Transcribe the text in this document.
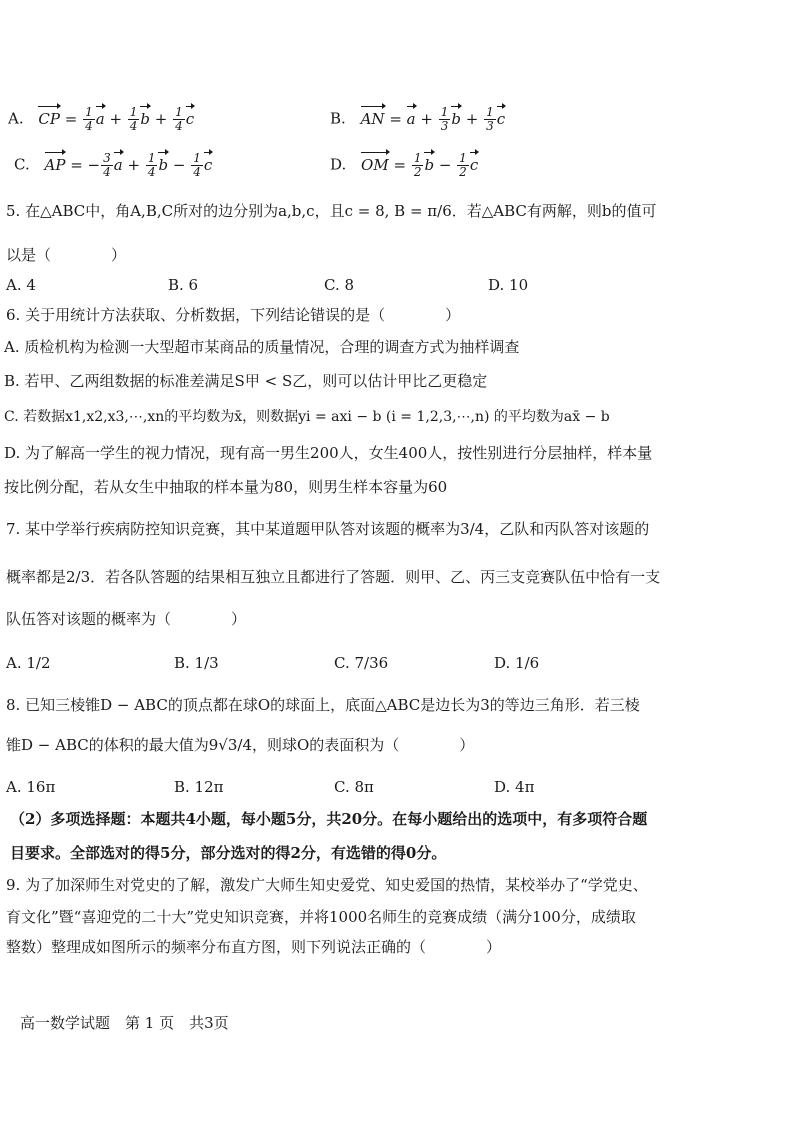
A. CP = $\frac{1}{4}$ $a + \frac{1}{4}$ $b + \frac{1}{4}$ c	B. AN = $a + \frac{1}{3}$ $b + \frac{1}{3}$ c
C. AP = − $\frac{3}{4}$ $a + \frac{1}{4}$ $b - \frac{1}{4}$ c	D. OM = $\frac{1}{2}$ $b - \frac{1}{2}$ c
5. 在△ABC中，角A,B,C所对的边分别为a,b,c，且c = 8, B = π/6．若△ABC有两解，则b的值可
以是（　　　　）
A. 4	B. 6	C. 8	D. 10
6. 关于用统计方法获取、分析数据，下列结论错误的是（　　　　）
A. 质检机构为检测一大型超市某商品的质量情况，合理的调查方式为抽样调查
B. 若甲、乙两组数据的标准差满足S甲 < S乙，则可以估计甲比乙更稳定
C. 若数据x1,x2,x3,⋯,xn的平均数为x̄，则数据yi = axi − b (i = 1,2,3,⋯,n) 的平均数为ax̄ − b
D. 为了解高一学生的视力情况，现有高一男生200人，女生400人，按性别进行分层抽样，样本量
按比例分配，若从女生中抽取的样本量为80，则男生样本容量为60
7. 某中学举行疾病防控知识竞赛，其中某道题甲队答对该题的概率为3/4，乙队和丙队答对该题的
概率都是2/3．若各队答题的结果相互独立且都进行了答题．则甲、乙、丙三支竞赛队伍中恰有一支
队伍答对该题的概率为（　　　　）
A. 1/2	B. 1/3	C. 7/36	D. 1/6
8. 已知三棱锥D − ABC的顶点都在球O的球面上，底面△ABC是边长为3的等边三角形．若三棱
锥D − ABC的体积的最大值为9√3/4，则球O的表面积为（　　　　）
A. 16π	B. 12π	C. 8π	D. 4π
（2）多项选择题：本题共4小题，每小题5分，共20分。在每小题给出的选项中，有多项符合题
目要求。全部选对的得5分，部分选对的得2分，有选错的得0分。
9. 为了加深师生对党史的了解，激发广大师生知史爱党、知史爱国的热情，某校举办了“学党史、
育文化”暨“喜迎党的二十大”党史知识竞赛，并将1000名师生的竞赛成绩（满分100分，成绩取
整数）整理成如图所示的频率分布直方图，则下列说法正确的（　　　　）
高一数学试题　第 1 页　共3页
